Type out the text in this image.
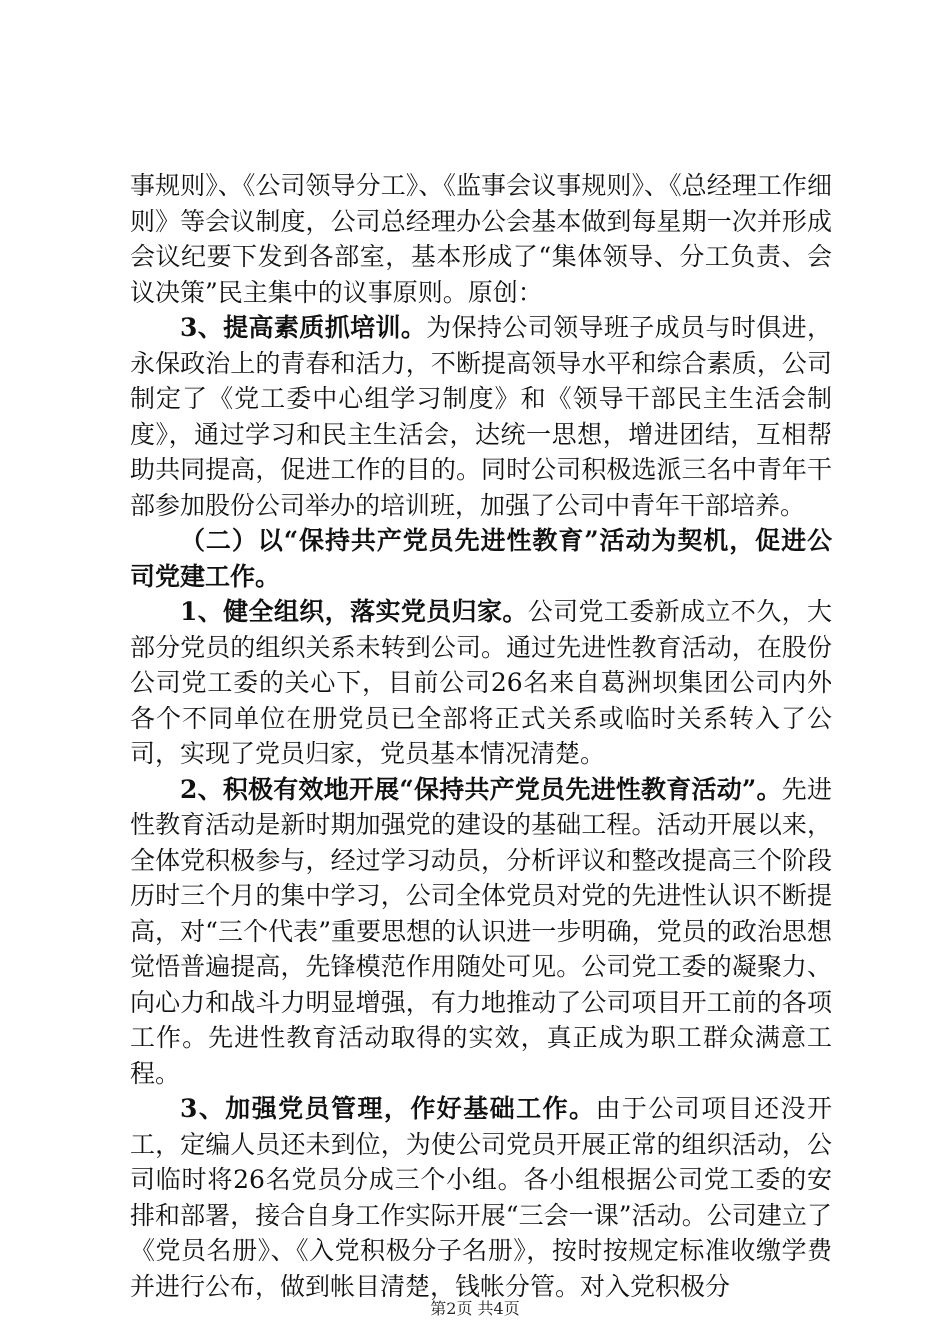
事规则》、《公司领导分工》、《监事会议事规则》、《总经理工作细则》等会议制度，公司总经理办公会基本做到每星期一次并形成会议纪要下发到各部室，基本形成了“集体领导、分工负责、会议决策”民主集中的议事原则。原创：

3、提高素质抓培训。为保持公司领导班子成员与时俱进，永保政治上的青春和活力，不断提高领导水平和综合素质，公司制定了《党工委中心组学习制度》和《领导干部民主生活会制度》，通过学习和民主生活会，达统一思想，增进团结，互相帮助共同提高，促进工作的目的。同时公司积极选派三名中青年干部参加股份公司举办的培训班，加强了公司中青年干部培养。

（二）以“保持共产党员先进性教育”活动为契机，促进公司党建工作。

1、健全组织，落实党员归家。公司党工委新成立不久，大部分党员的组织关系未转到公司。通过先进性教育活动，在股份公司党工委的关心下，目前公司26名来自葛洲坝集团公司内外各个不同单位在册党员已全部将正式关系或临时关系转入了公司，实现了党员归家，党员基本情况清楚。

2、积极有效地开展“保持共产党员先进性教育活动”。先进性教育活动是新时期加强党的建设的基础工程。活动开展以来，全体党积极参与，经过学习动员，分析评议和整改提高三个阶段历时三个月的集中学习，公司全体党员对党的先进性认识不断提高，对“三个代表”重要思想的认识进一步明确，党员的政治思想觉悟普遍提高，先锋模范作用随处可见。公司党工委的凝聚力、向心力和战斗力明显增强，有力地推动了公司项目开工前的各项工作。先进性教育活动取得的实效，真正成为职工群众满意工程。

3、加强党员管理，作好基础工作。由于公司项目还没开工，定编人员还未到位，为使公司党员开展正常的组织活动，公司临时将26名党员分成三个小组。各小组根据公司党工委的安排和部署，接合自身工作实际开展“三会一课”活动。公司建立了《党员名册》、《入党积极分子名册》，按时按规定标准收缴学费并进行公布，做到帐目清楚，钱帐分管。对入党积极分

第2页 共4页
